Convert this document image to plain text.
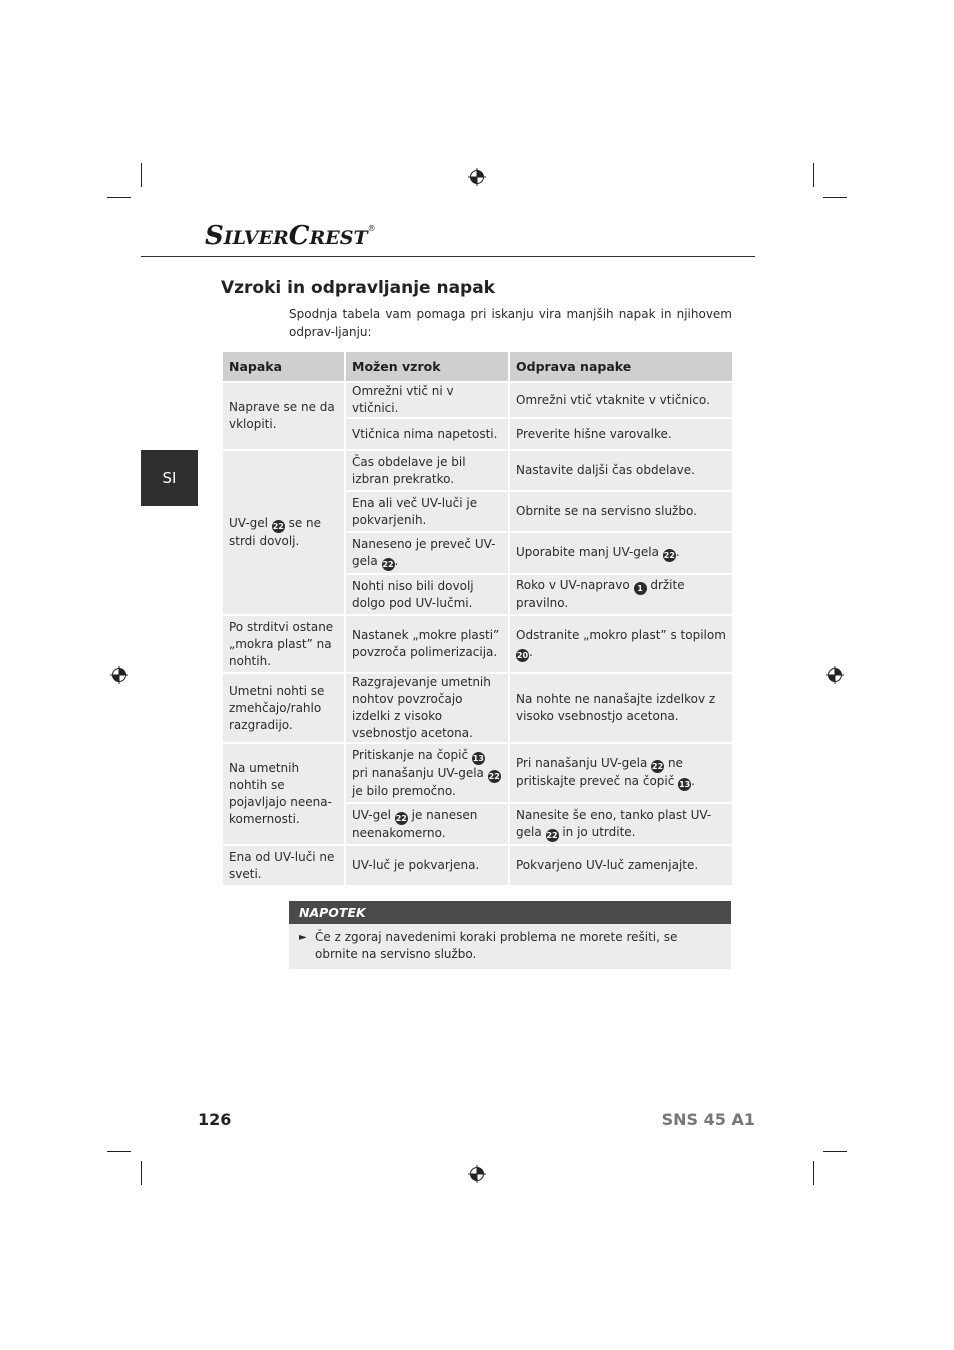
SILVERCREST®
SI
Vzroki in odpravljanje napak
Spodnja tabela vam pomaga pri iskanju vira manjših napak in njihovem odprav-ljanju:
Napaka	Možen vzrok	Odprava napake
Naprave se ne da vklopiti.	Omrežni vtič ni v vtičnici.	Omrežni vtič vtaknite v vtičnico.
	Vtičnica nima napetosti.	Preverite hišne varovalke.
UV-gel 22 se ne strdi dovolj.	Čas obdelave je bil izbran prekratko.	Nastavite daljši čas obdelave.
	Ena ali več UV-luči je pokvarjenih.	Obrnite se na servisno službo.
	Naneseno je preveč UV-gela 22.	Uporabite manj UV-gela 22.
	Nohti niso bili dovolj dolgo pod UV-lučmi.	Roko v UV-napravo 1 držite pravilno.
Po strditvi ostane „mokra plast” na nohtih.	Nastanek „mokre plasti” povzroča polimerizacija.	Odstranite „mokro plast” s topilom 20.
Umetni nohti se zmehčajo/rahlo razgradijo.	Razgrajevanje umetnih nohtov povzročajo izdelki z visoko vsebnostjo acetona.	Na nohte ne nanašajte izdelkov z visoko vsebnostjo acetona.
Na umetnih nohtih se pojavljajo neena-komernosti.	Pritiskanje na čopič 13 pri nanašanju UV-gela 22 je bilo premočno.	Pri nanašanju UV-gela 22 ne pritiskajte preveč na čopič 13.
	UV-gel 22 je nanesen neenakomerno.	Nanesite še eno, tanko plast UV-gela 22 in jo utrdite.
Ena od UV-luči ne sveti.	UV-luč je pokvarjena.	Pokvarjeno UV-luč zamenjajte.
NAPOTEK
► Če z zgoraj navedenimi koraki problema ne morete rešiti, se obrnite na servisno službo.
126	SNS 45 A1
